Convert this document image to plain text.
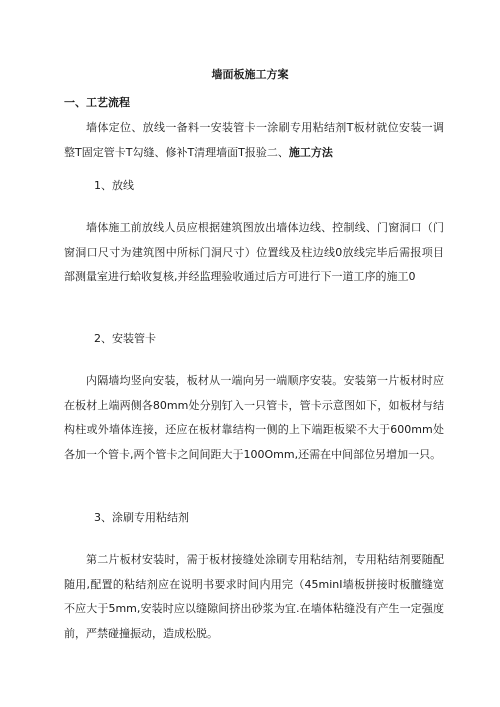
墙面板施工方案
一、工艺流程

墙体定位、放线一备料一安装管卡一涂刷专用粘结剂T板材就位安装一调整T固定管卡T勾缝、修补T清理墙面T报验二、施工方法

1、放线

墙体施工前放线人员应根据建筑图放出墙体边线、控制线、门窗洞口（门窗洞口尺寸为建筑图中所标门洞尺寸）位置线及柱边线0放线完毕后需报项目部测量室进行蛤收复核,并经监理验收通过后方可进行下一道工序的施工0

2、安装管卡

内隔墙均竖向安装，板材从一端向另一端顺序安装。安装第一片板材时应在板材上端两侧各80mm处分别钉入一只管卡，管卡示意图如下，如板材与结构柱或外墙体连接，还应在板材靠结构一侧的上下端距板梁不大于600mm处各加一个管卡,两个管卡之间间距大于100Omm,还需在中间部位另增加一只。

3、涂刷专用粘结剂

第二片板材安装时，需于板材接缝处涂刷专用粘结剂，专用粘结剂要随配随用,配置的粘结剂应在说明书要求时间内用完（45minI墙板拼接时板膻缝宽不应大于5mm,安装时应以缝隙间挤出砂浆为宜.在墙体粘缝没有产生一定强度前，严禁碰撞振动，造成松脱。
